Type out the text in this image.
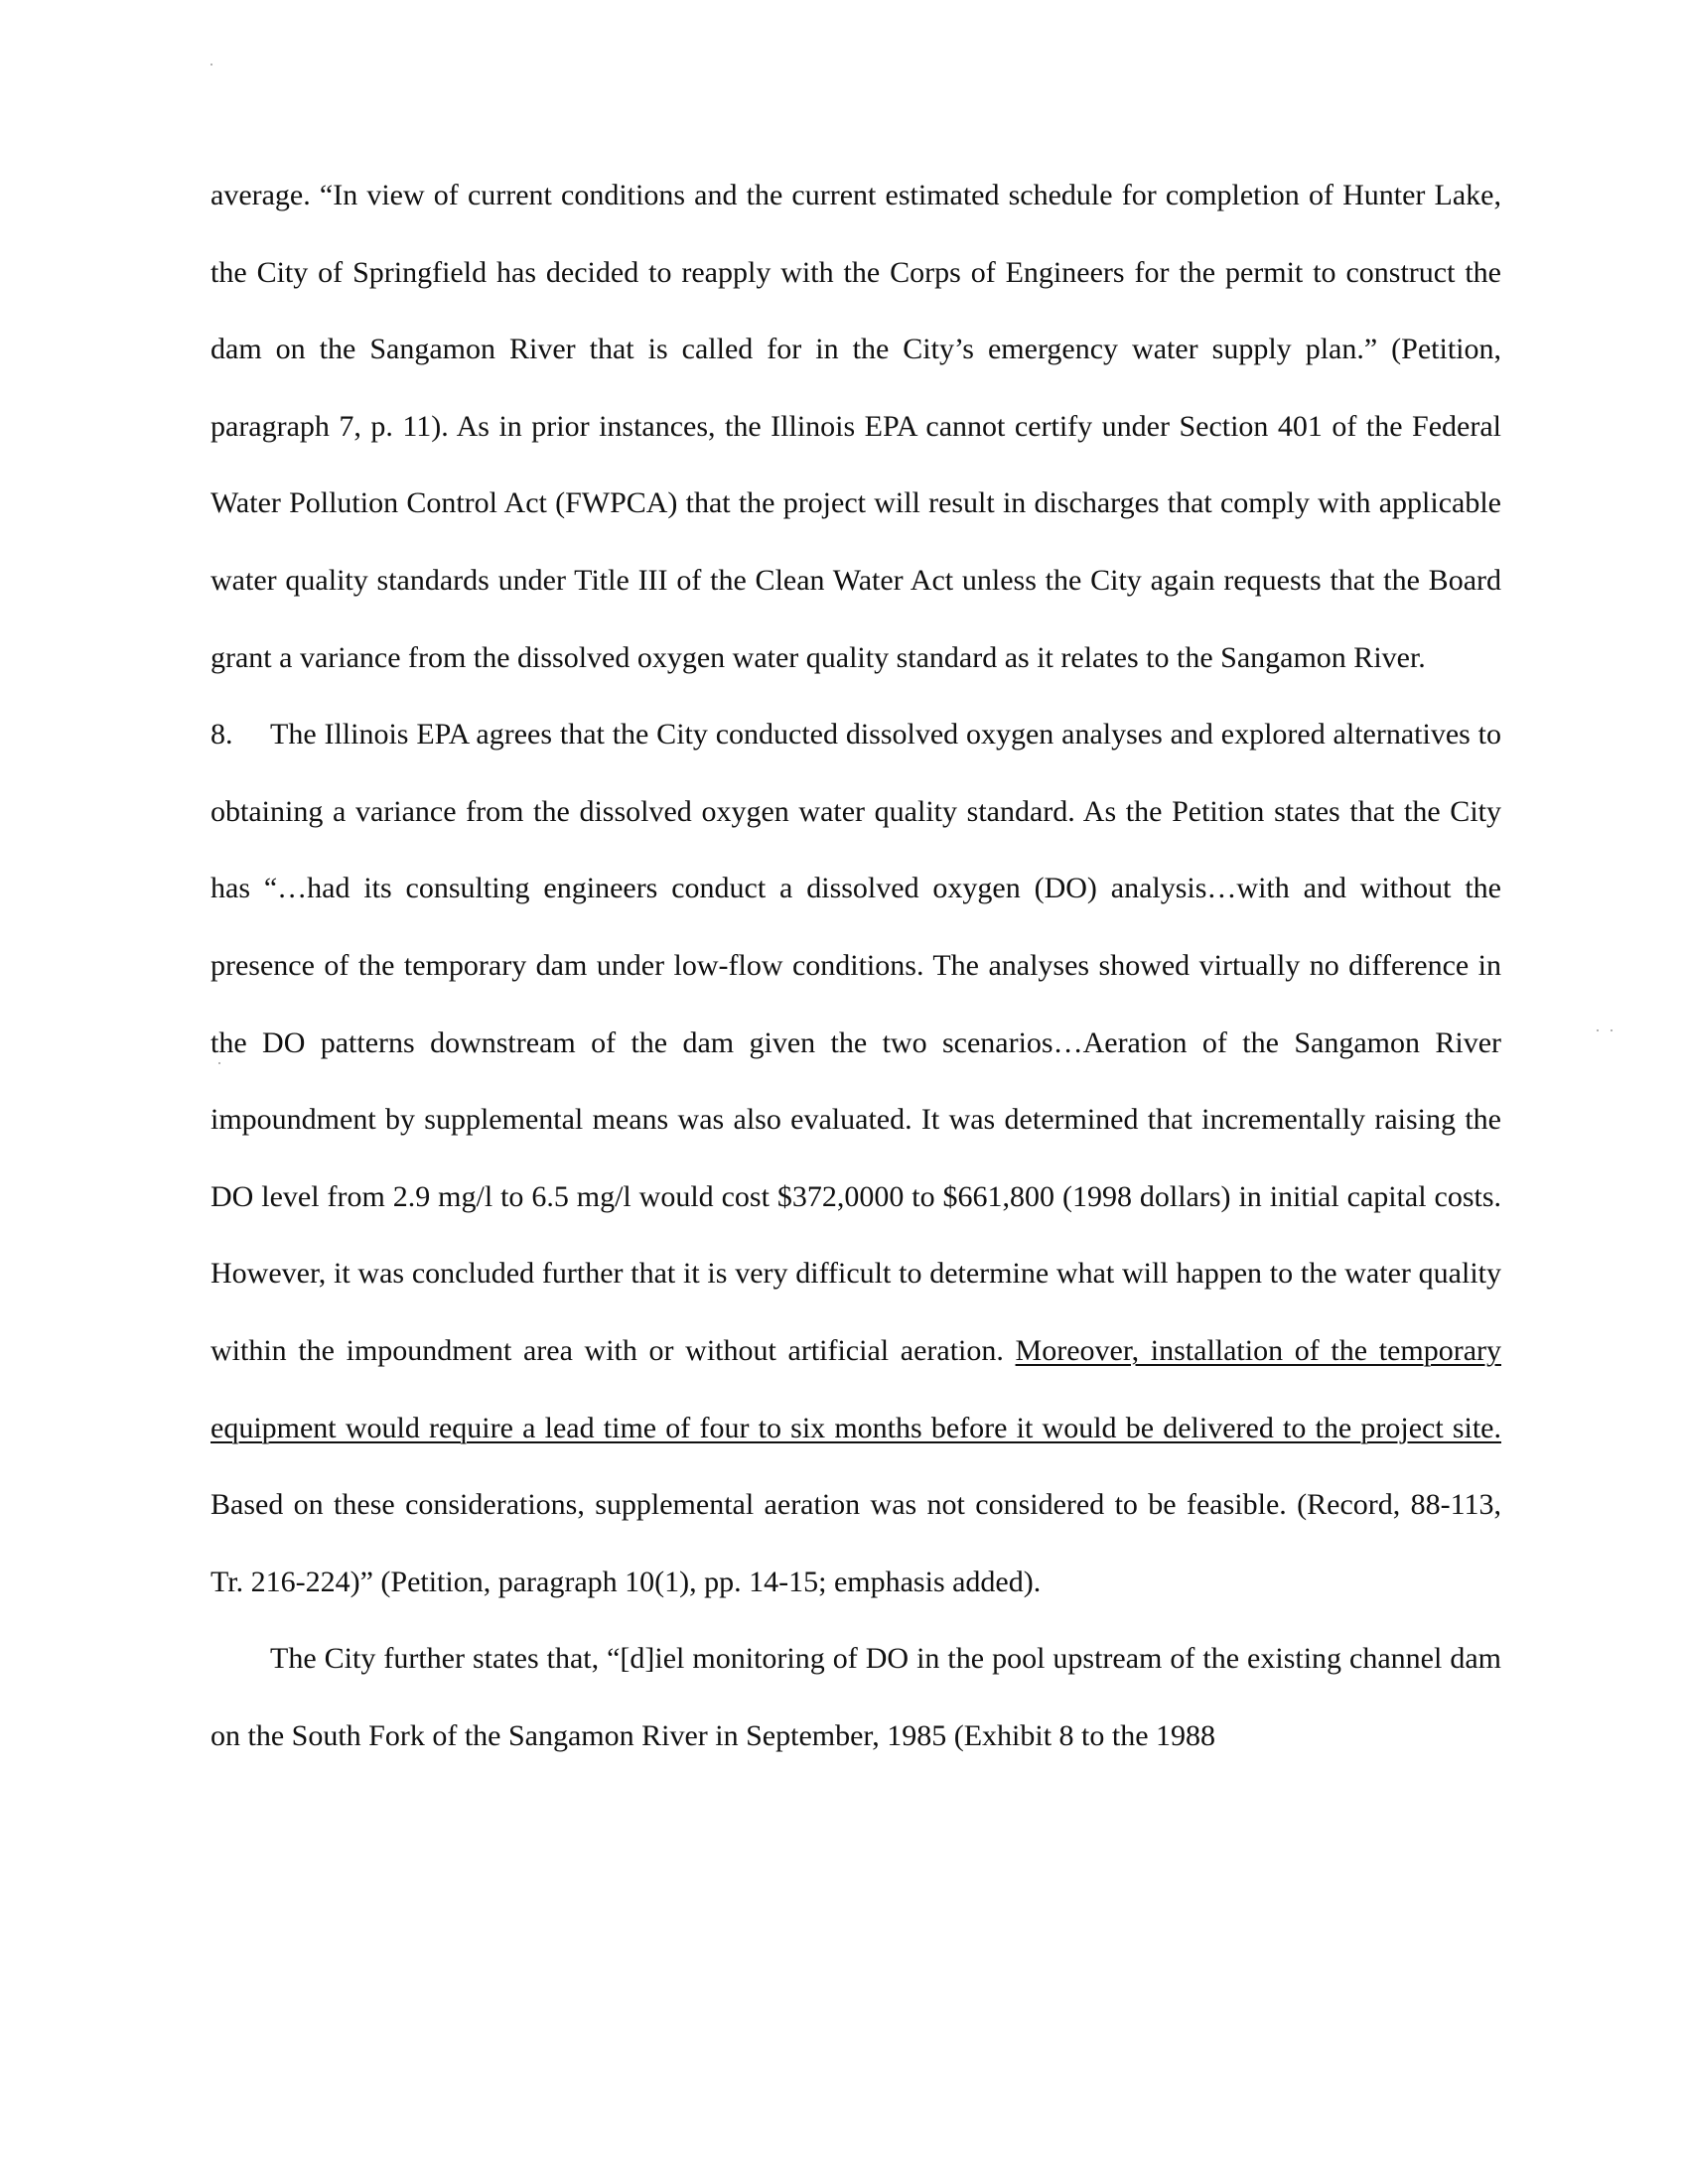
average. “In view of current conditions and the current estimated schedule for completion of Hunter Lake, the City of Springfield has decided to reapply with the Corps of Engineers for the permit to construct the dam on the Sangamon River that is called for in the City’s emergency water supply plan.” (Petition, paragraph 7, p. 11). As in prior instances, the Illinois EPA cannot certify under Section 401 of the Federal Water Pollution Control Act (FWPCA) that the project will result in discharges that comply with applicable water quality standards under Title III of the Clean Water Act unless the City again requests that the Board grant a variance from the dissolved oxygen water quality standard as it relates to the Sangamon River.

8. The Illinois EPA agrees that the City conducted dissolved oxygen analyses and explored alternatives to obtaining a variance from the dissolved oxygen water quality standard. As the Petition states that the City has “…had its consulting engineers conduct a dissolved oxygen (DO) analysis…with and without the presence of the temporary dam under low-flow conditions. The analyses showed virtually no difference in the DO patterns downstream of the dam given the two scenarios…Aeration of the Sangamon River impoundment by supplemental means was also evaluated. It was determined that incrementally raising the DO level from 2.9 mg/l to 6.5 mg/l would cost $372,0000 to $661,800 (1998 dollars) in initial capital costs. However, it was concluded further that it is very difficult to determine what will happen to the water quality within the impoundment area with or without artificial aeration. Moreover, installation of the temporary equipment would require a lead time of four to six months before it would be delivered to the project site. Based on these considerations, supplemental aeration was not considered to be feasible. (Record, 88-113, Tr. 216-224)” (Petition, paragraph 10(1), pp. 14-15; emphasis added).

The City further states that, “[d]iel monitoring of DO in the pool upstream of the existing channel dam on the South Fork of the Sangamon River in September, 1985 (Exhibit 8 to the 1988
